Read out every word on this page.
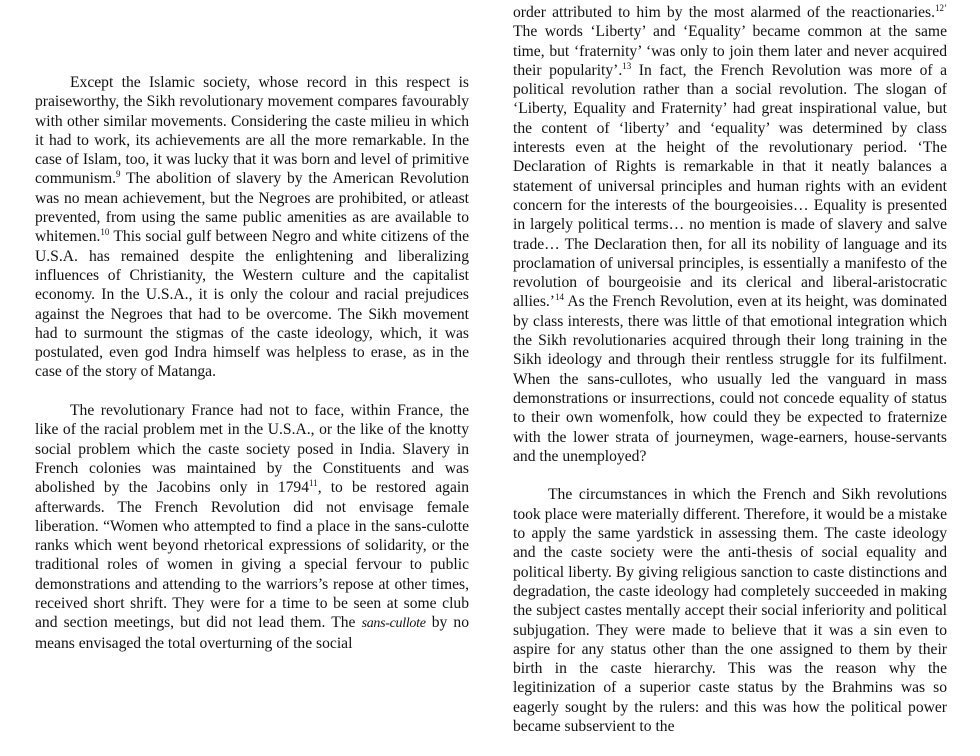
Except the Islamic society, whose record in this respect is praiseworthy, the Sikh revolutionary movement compares favourably with other similar movements. Considering the caste milieu in which it had to work, its achievements are all the more remarkable. In the case of Islam, too, it was lucky that it was born and level of primitive communism.$^9$ The abolition of slavery by the American Revolution was no mean achievement, but the Negroes are prohibited, or atleast prevented, from using the same public amenities as are available to whitemen.$^{10}$ This social gulf between Negro and white citizens of the U.S.A. has remained despite the enlightening and liberalizing influences of Christianity, the Western culture and the capitalist economy. In the U.S.A., it is only the colour and racial prejudices against the Negroes that had to be overcome. The Sikh movement had to surmount the stigmas of the caste ideology, which, it was postulated, even god Indra himself was helpless to erase, as in the case of the story of Matanga.

The revolutionary France had not to face, within France, the like of the racial problem met in the U.S.A., or the like of the knotty social problem which the caste society posed in India. Slavery in French colonies was maintained by the Constituents and was abolished by the Jacobins only in 1794$^{11}$, to be restored again afterwards. The French Revolution did not envisage female liberation. “Women who attempted to find a place in the sans-culotte ranks which went beyond rhetorical expressions of solidarity, or the traditional roles of women in giving a special fervour to public demonstrations and attending to the warriors’s repose at other times, received short shrift. They were for a time to be seen at some club and section meetings, but did not lead them. The sans-cullote by no means envisaged the total overturning of the social

order attributed to him by the most alarmed of the reactionaries.$^{12’}$ The words ‘Liberty’ and ‘Equality’ became common at the same time, but ‘fraternity’ ‘was only to join them later and never acquired their popularity’.$^{13}$ In fact, the French Revolution was more of a political revolution rather than a social revolution. The slogan of ‘Liberty, Equality and Fraternity’ had great inspirational value, but the content of ‘liberty’ and ‘equality’ was determined by class interests even at the height of the revolutionary period. ‘The Declaration of Rights is remarkable in that it neatly balances a statement of universal principles and human rights with an evident concern for the interests of the bourgeoisies… Equality is presented in largely political terms… no mention is made of slavery and salve trade… The Declaration then, for all its nobility of language and its proclamation of universal principles, is essentially a manifesto of the revolution of bourgeoisie and its clerical and liberal-aristocratic allies.’$^{14}$ As the French Revolution, even at its height, was dominated by class interests, there was little of that emotional integration which the Sikh revolutionaries acquired through their long training in the Sikh ideology and through their rentless struggle for its fulfilment. When the sans-cullotes, who usually led the vanguard in mass demonstrations or insurrections, could not concede equality of status to their own womenfolk, how could they be expected to fraternize with the lower strata of journeymen, wage-earners, house-servants and the unemployed?

The circumstances in which the French and Sikh revolutions took place were materially different. Therefore, it would be a mistake to apply the same yardstick in assessing them. The caste ideology and the caste society were the anti-thesis of social equality and political liberty. By giving religious sanction to caste distinctions and degradation, the caste ideology had completely succeeded in making the subject castes mentally accept their social inferiority and political subjugation. They were made to believe that it was a sin even to aspire for any status other than the one assigned to them by their birth in the caste hierarchy. This was the reason why the legitinization of a superior caste status by the Brahmins was so eagerly sought by the rulers: and this was how the political power became subservient to the
